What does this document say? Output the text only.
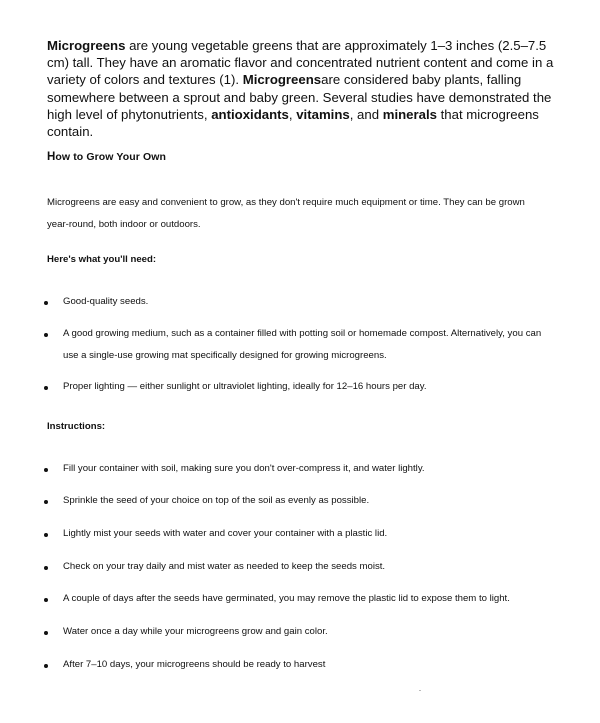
Microgreens are young vegetable greens that are approximately 1–3 inches (2.5–7.5 cm) tall. They have an aromatic flavor and concentrated nutrient content and come in a variety of colors and textures (1). Microgreensare considered baby plants, falling somewhere between a sprout and baby green. Several studies have demonstrated the high level of phytonutrients, antioxidants, vitamins, and minerals that microgreens contain.

How to Grow Your Own

Microgreens are easy and convenient to grow, as they don't require much equipment or time. They can be grown year-round, both indoor or outdoors.

Here's what you'll need:

Good-quality seeds.
A good growing medium, such as a container filled with potting soil or homemade compost. Alternatively, you can use a single-use growing mat specifically designed for growing microgreens.
Proper lighting — either sunlight or ultraviolet lighting, ideally for 12–16 hours per day.

Instructions:

Fill your container with soil, making sure you don't over-compress it, and water lightly.
Sprinkle the seed of your choice on top of the soil as evenly as possible.
Lightly mist your seeds with water and cover your container with a plastic lid.
Check on your tray daily and mist water as needed to keep the seeds moist.
A couple of days after the seeds have germinated, you may remove the plastic lid to expose them to light.
Water once a day while your microgreens grow and gain color.
After 7–10 days, your microgreens should be ready to harvest
